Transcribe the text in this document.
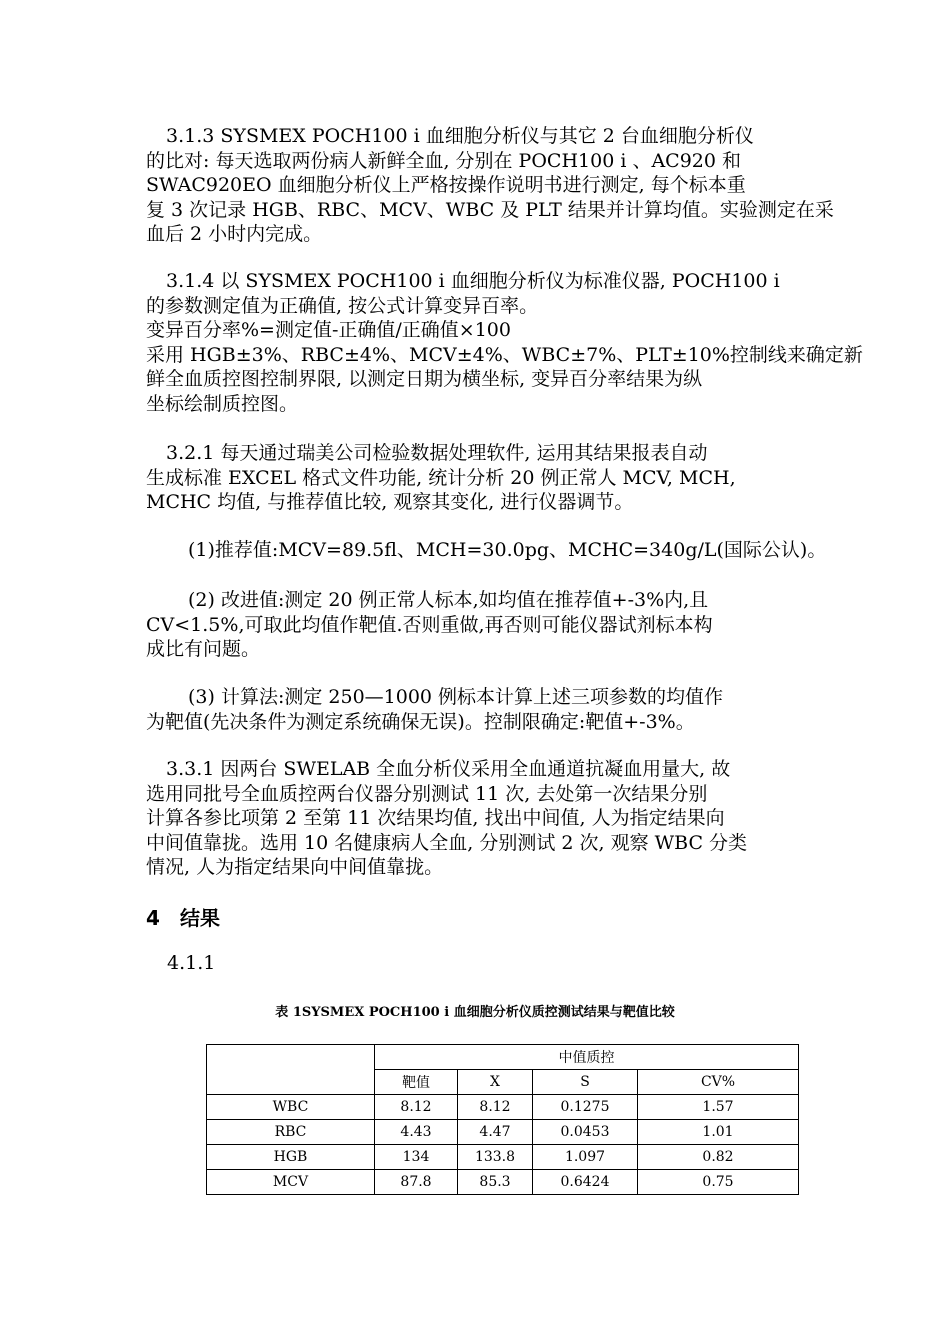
3.1.3 SYSMEX POCH100 i 血细胞分析仪与其它 2 台血细胞分析仪
的比对: 每天选取两份病人新鲜全血, 分别在 POCH100 i 、AC920 和
SWAC920EO 血细胞分析仪上严格按操作说明书进行测定, 每个标本重
复 3 次记录 HGB、RBC、MCV、WBC 及 PLT 结果并计算均值。实验测定在采
血后 2 小时内完成。
3.1.4 以 SYSMEX POCH100 i 血细胞分析仪为标准仪器, POCH100 i
的参数测定值为正确值, 按公式计算变异百率。
变异百分率%=测定值-正确值/正确值×100
采用 HGB±3%、RBC±4%、MCV±4%、WBC±7%、PLT±10%控制线来确定新
鲜全血质控图控制界限, 以测定日期为横坐标, 变异百分率结果为纵
坐标绘制质控图。
3.2.1 每天通过瑞美公司检验数据处理软件, 运用其结果报表自动
生成标准 EXCEL 格式文件功能, 统计分析 20 例正常人 MCV, MCH,
MCHC 均值, 与推荐值比较, 观察其变化, 进行仪器调节。
(1)推荐值:MCV=89.5fl、MCH=30.0pg、MCHC=340g/L(国际公认)。
(2) 改进值:测定 20 例正常人标本,如均值在推荐值+-3%内,且
CV<1.5%,可取此均值作靶值.否则重做,再否则可能仪器试剂标本构
成比有问题。
(3) 计算法:测定 250—1000 例标本计算上述三项参数的均值作
为靶值(先决条件为测定系统确保无误)。控制限确定:靶值+-3%。
3.3.1 因两台 SWELAB 全血分析仪采用全血通道抗凝血用量大, 故
选用同批号全血质控两台仪器分别测试 11 次, 去处第一次结果分别
计算各参比项第 2 至第 11 次结果均值, 找出中间值, 人为指定结果向
中间值靠拢。选用 10 名健康病人全血, 分别测试 2 次, 观察 WBC 分类
情况, 人为指定结果向中间值靠拢。
4 结果
4.1.1
表 1SYSMEX POCH100 i 血细胞分析仪质控测试结果与靶值比较
	中值质控			
	靶值	X	S	CV%
WBC	8.12	8.12	0.1275	1.57
RBC	4.43	4.47	0.0453	1.01
HGB	134	133.8	1.097	0.82
MCV	87.8	85.3	0.6424	0.75
